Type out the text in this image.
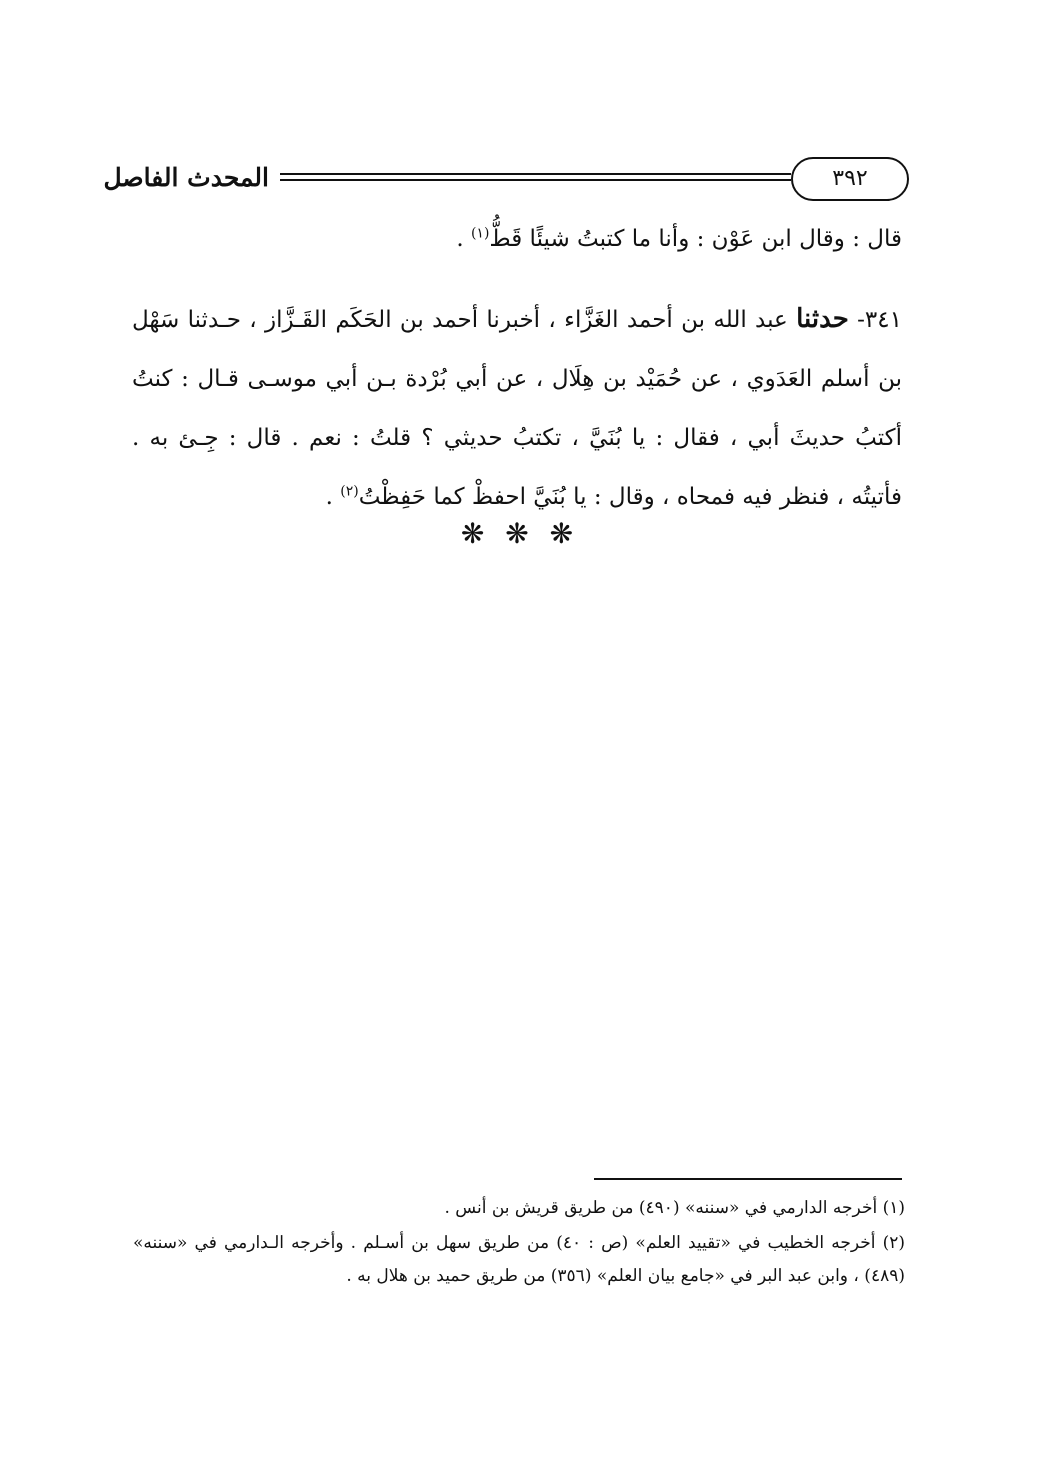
٣٩٢
المحدث الفاصل

قال : وقال ابن عَوْن : وأنا ما كتبتُ شيئًا قَطُّ$^{(١)}$ .

٣٤١- حدثنا عبد الله بن أحمد الغَزَّاء ، أخبرنا أحمد بن الحَكَم القَـزَّاز ، حـدثنا سَهْل بن أسلم العَدَوي ، عن حُمَيْد بن هِلَال ، عن أبي بُرْدة بـن أبي موسـى قـال : كنتُ أكتبُ حديثَ أبي ، فقال : يا بُنَيَّ ، تكتبُ حديثي ؟ قلتُ : نعم . قال : جِـئ به . فأتيتُه ، فنظر فيه فمحاه ، وقال : يا بُنَيَّ احفظْ كما حَفِظْتُ$^{(٢)}$ .

❋ ❋ ❋

(١) أخرجه الدارمي في «سننه» (٤٩٠) من طريق قريش بن أنس .

(٢) أخرجه الخطيب في «تقييد العلم» (ص : ٤٠) من طريق سهل بن أسـلم . وأخرجه الـدارمي في «سننه» (٤٨٩) ، وابن عبد البر في «جامع بيان العلم» (٣٥٦) من طريق حميد بن هلال به .
